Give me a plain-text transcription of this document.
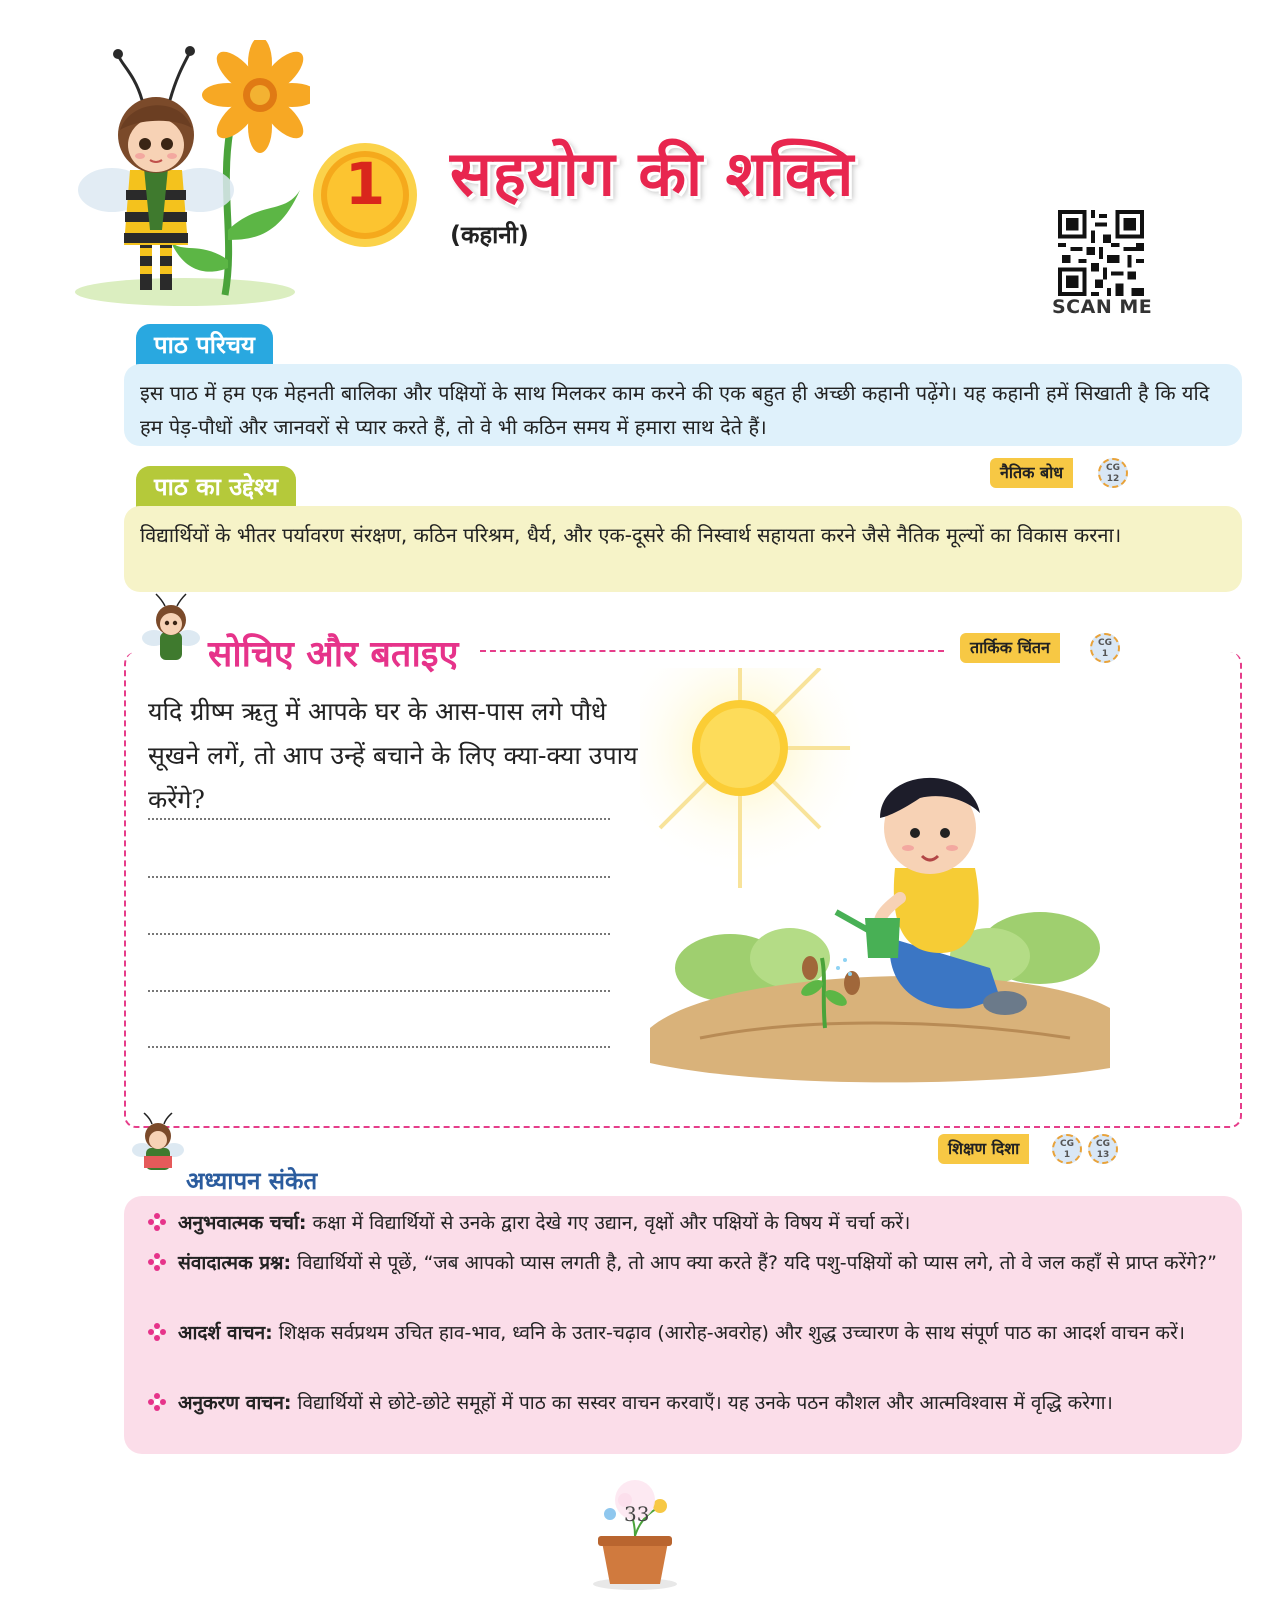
1	सहयोग की शक्ति
(कहानी)
SCAN ME
पाठ परिचय
इस पाठ में हम एक मेहनती बालिका और पक्षियों के साथ मिलकर काम करने की एक बहुत ही अच्छी कहानी पढ़ेंगे। यह कहानी हमें सिखाती है कि यदि हम पेड़-पौधों और जानवरों से प्यार करते हैं, तो वे भी कठिन समय में हमारा साथ देते हैं।
पाठ का उद्देश्य
नैतिक बोध	CG
12
विद्यार्थियों के भीतर पर्यावरण संरक्षण, कठिन परिश्रम, धैर्य, और एक-दूसरे की निस्वार्थ सहायता करने जैसे नैतिक मूल्यों का विकास करना।
सोचिए और बताइए	तार्किक चिंतन	CG
1
यदि ग्रीष्म ऋतु में आपके घर के आस-पास लगे पौधे सूखने लगें, तो आप उन्हें बचाने के लिए क्या-क्या उपाय करेंगे?
अध्यापन संकेत
शिक्षण दिशा	CG
1
CG
13
अनुभवात्मक चर्चा: कक्षा में विद्यार्थियों से उनके द्वारा देखे गए उद्यान, वृक्षों और पक्षियों के विषय में चर्चा करें।
संवादात्मक प्रश्न: विद्यार्थियों से पूछें, “जब आपको प्यास लगती है, तो आप क्या करते हैं? यदि पशु-पक्षियों को प्यास लगे, तो वे जल कहाँ से प्राप्त करेंगे?”
आदर्श वाचन: शिक्षक सर्वप्रथम उचित हाव-भाव, ध्वनि के उतार-चढ़ाव (आरोह-अवरोह) और शुद्ध उच्चारण के साथ संपूर्ण पाठ का आदर्श वाचन करें।
अनुकरण वाचन: विद्यार्थियों से छोटे-छोटे समूहों में पाठ का सस्वर वाचन करवाएँ। यह उनके पठन कौशल और आत्मविश्वास में वृद्धि करेगा।
33
